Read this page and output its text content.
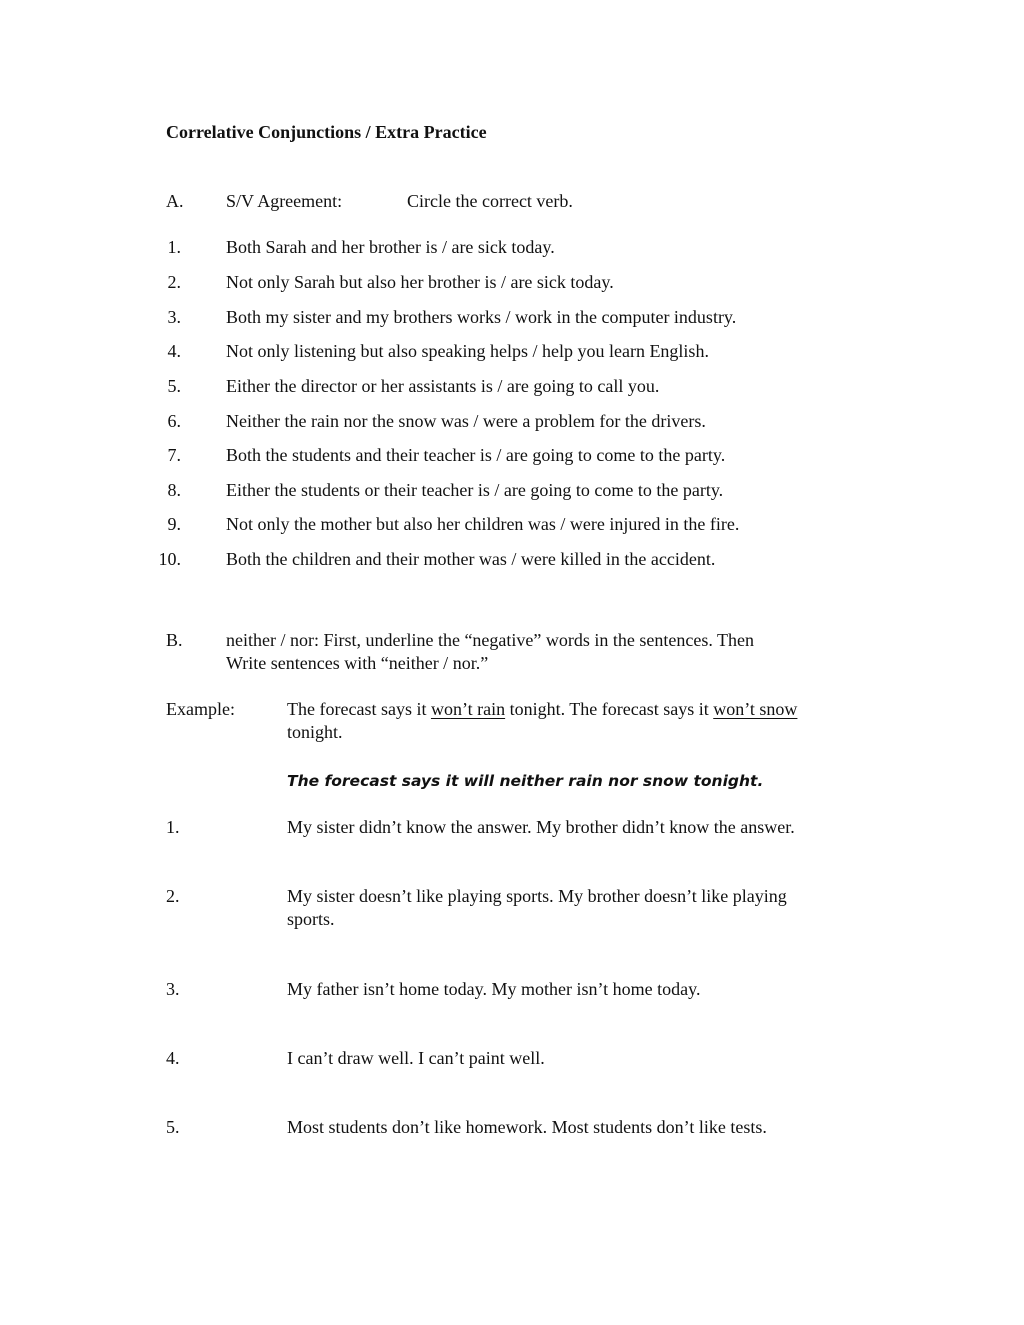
Correlative Conjunctions / Extra Practice
A. S/V Agreement:	Circle the correct verb.
1.	Both Sarah and her brother is / are sick today.
2.	Not only Sarah but also her brother is / are sick today.
3.	Both my sister and my brothers works / work in the computer industry.
4.	Not only listening but also speaking helps / help you learn English.
5.	Either the director or her assistants is / are going to call you.
6.	Neither the rain nor the snow was / were a problem for the drivers.
7.	Both the students and their teacher is / are going to come to the party.
8.	Either the students or their teacher is / are going to come to the party.
9.	Not only the mother but also her children was / were injured in the fire.
10.	Both the children and their mother was / were killed in the accident.
B. neither / nor: First, underline the “negative” words in the sentences. Then
Write sentences with “neither / nor.”
Example:	The forecast says it won’t rain tonight. The forecast says it won’t snow
tonight.
The forecast says it will neither rain nor snow tonight.
1.	My sister didn’t know the answer. My brother didn’t know the answer.
2.	My sister doesn’t like playing sports. My brother doesn’t like playing
sports.
3.	My father isn’t home today. My mother isn’t home today.
4.	I can’t draw well. I can’t paint well.
5.	Most students don’t like homework. Most students don’t like tests.
